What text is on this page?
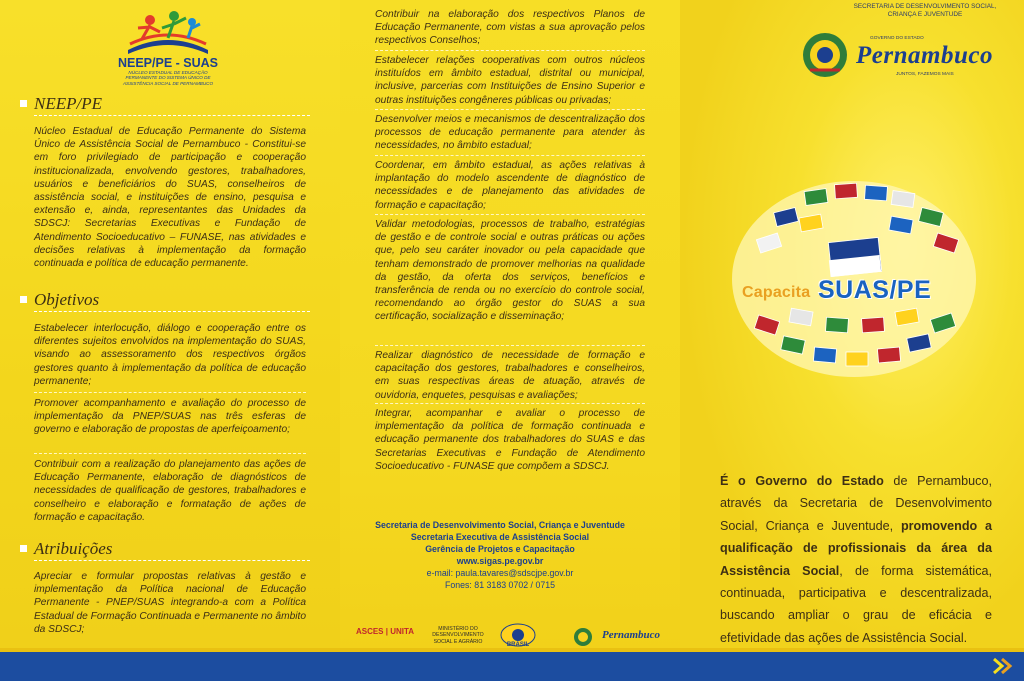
NEEP/PE - SUAS
NÚCLEO ESTADUAL DE EDUCAÇÃO PERMANENTE DO SISTEMA ÚNICO DE ASSISTÊNCIA SOCIAL DE PERNAMBUCO
NEEP/PE
Núcleo Estadual de Educação Permanente do Sistema Único de Assistência Social de Pernambuco - Constitui-se em foro privilegiado de participação e cooperação institucionalizada, envolvendo gestores, trabalhadores, usuários e beneficiários do SUAS, conselheiros de assistência social, e instituições de ensino, pesquisa e extensão e, ainda, representantes das Unidades da SDSCJ: Secretarias Executivas e Fundação de Atendimento Socioeducativo – FUNASE, nas atividades e decisões relativas à implementação da formação continuada e política de educação permanente.
Objetivos
Estabelecer interlocução, diálogo e cooperação entre os diferentes sujeitos envolvidos na implementação do SUAS, visando ao assessoramento dos respectivos órgãos gestores quanto à implementação da política de educação permanente;
Promover acompanhamento e avaliação do processo de implementação da PNEP/SUAS nas três esferas de governo e elaboração de propostas de aperfeiçoamento;
Contribuir com a realização do planejamento das ações de Educação Permanente, elaboração de diagnósticos de necessidades de qualificação de gestores, trabalhadores e conselheiro e elaboração e formatação de ações de formação e capacitação.
Atribuições
Apreciar e formular propostas relativas à gestão e implementação da Política nacional de Educação Permanente - PNEP/SUAS integrando-a com a Política Estadual de Formação Continuada e Permanente no âmbito da SDSCJ;
Contribuir na elaboração dos respectivos Planos de Educação Permanente, com vistas a sua aprovação pelos respectivos Conselhos;
Estabelecer relações cooperativas com outros núcleos instituídos em âmbito estadual, distrital ou municipal, inclusive, parcerias com Instituições de Ensino Superior e outras instituições congêneres públicas ou privadas;
Desenvolver meios e mecanismos de descentralização dos processos de educação permanente para atender às necessidades, no âmbito estadual;
Coordenar, em âmbito estadual, as ações relativas à implantação do modelo ascendente de diagnóstico de necessidades e de planejamento das atividades de formação e capacitação;
Validar metodologias, processos de trabalho, estratégias de gestão e de controle social e outras práticas ou ações que, pelo seu caráter inovador ou pela capacidade que tenham demonstrado de promover melhorias na qualidade da gestão, da oferta dos serviços, benefícios e transferência de renda ou no exercício do controle social, recomendando ao órgão gestor do SUAS a sua certificação, socialização e disseminação;
Realizar diagnóstico de necessidade de formação e capacitação dos gestores, trabalhadores e conselheiros, em suas respectivas áreas de atuação, através de ouvidoria, enquetes, pesquisas e avaliações;
Integrar, acompanhar e avaliar o processo de implementação da política de formação continuada e educação permanente dos trabalhadores do SUAS e das Secretarias Executivas e Fundação de Atendimento Socioeducativo - FUNASE que compõem a SDSCJ.
Secretaria de Desenvolvimento Social, Criança e Juventude
Secretaria Executiva de Assistência Social
Gerência de Projetos e Capacitação
www.sigas.pe.gov.br
e-mail: paula.tavares@sdscjpe.gov.br
Fones: 81 3183 0702 / 0715
ASCES | UNITA	MINISTÉRIO DO DESENVOLVIMENTO SOCIAL E AGRÁRIO
BRASIL
Pernambuco
SECRETARIA DE DESENVOLVIMENTO SOCIAL, CRIANÇA E JUVENTUDE
GOVERNO DO ESTADO
Pernambuco
JUNTOS, FAZEMOS MAIS
Capacita SUAS/PE
É o Governo do Estado de Pernambuco, através da Secretaria de Desenvolvimento Social, Criança e Juventude, promovendo a qualificação de profissionais da área da Assistência Social, de forma sistemática, continuada, participativa e descentralizada, buscando ampliar o grau de eficácia e efetividade das ações de Assistência Social.
